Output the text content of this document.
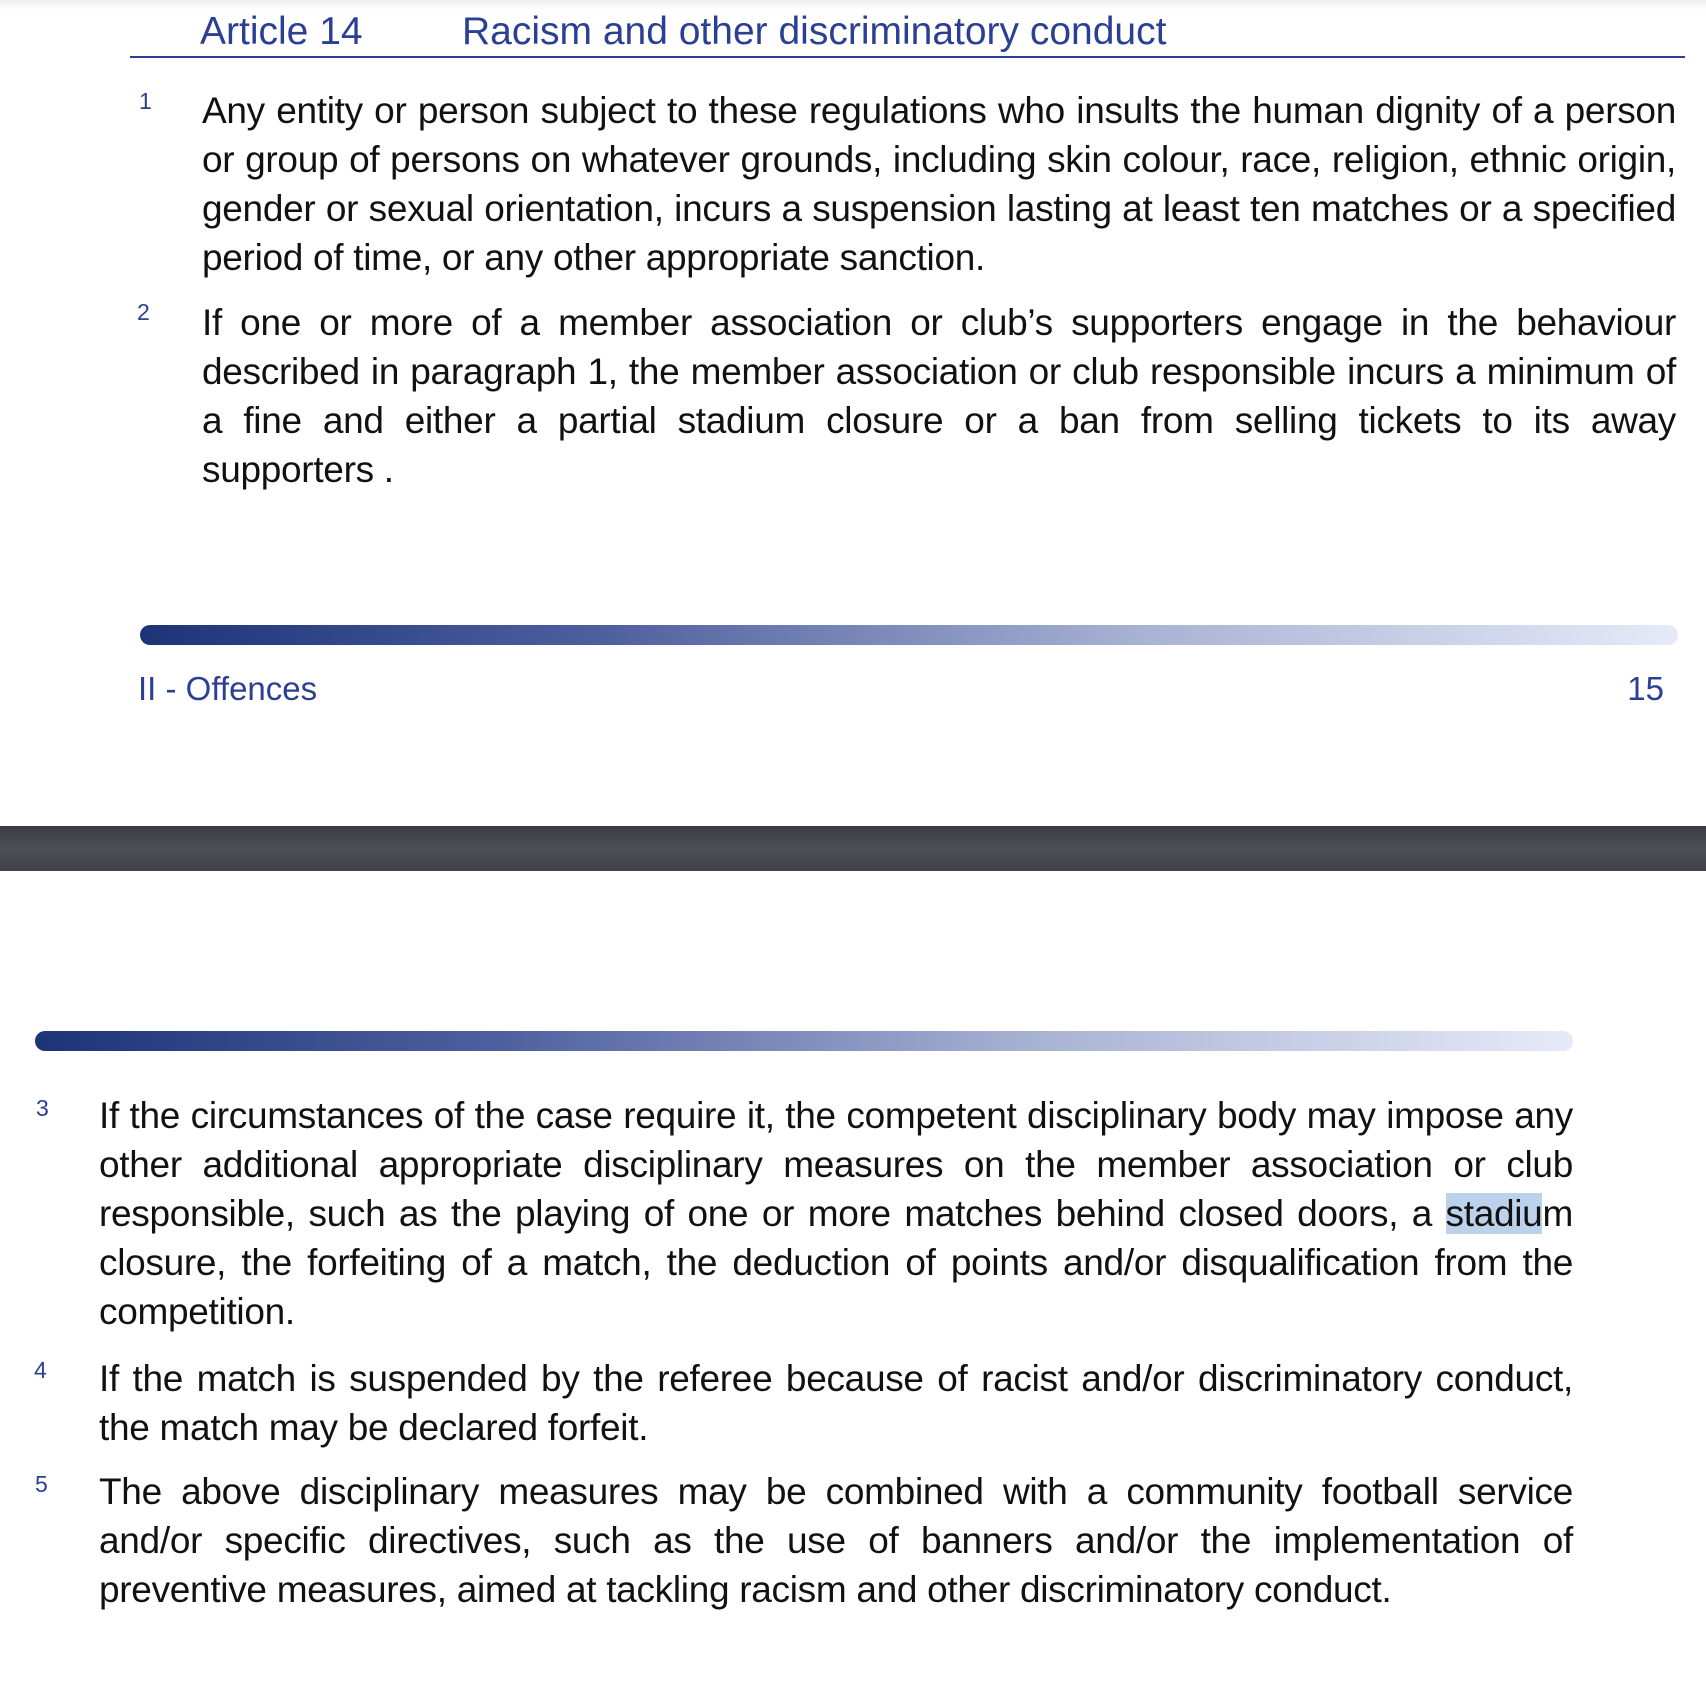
Article 14	Racism and other discriminatory conduct
1 Any entity or person subject to these regulations who insults the human dignity of a person or group of persons on whatever grounds, including skin colour, race, religion, ethnic origin, gender or sexual orientation, incurs a suspension lasting at least ten matches or a specified period of time, or any other appropriate sanction.
2 If one or more of a member association or club’s supporters engage in the behaviour described in paragraph 1, the member association or club responsible incurs a minimum of a fine and either a partial stadium closure or a ban from selling tickets to its away supporters .
II - Offences	15
3 If the circumstances of the case require it, the competent disciplinary body may impose any other additional appropriate disciplinary measures on the member association or club responsible, such as the playing of one or more matches behind closed doors, a stadium closure, the forfeiting of a match, the deduction of points and/or disqualification from the competition.
4 If the match is suspended by the referee because of racist and/or discriminatory conduct, the match may be declared forfeit.
5 The above disciplinary measures may be combined with a community football service and/or specific directives, such as the use of banners and/or the implementation of preventive measures, aimed at tackling racism and other discriminatory conduct.
